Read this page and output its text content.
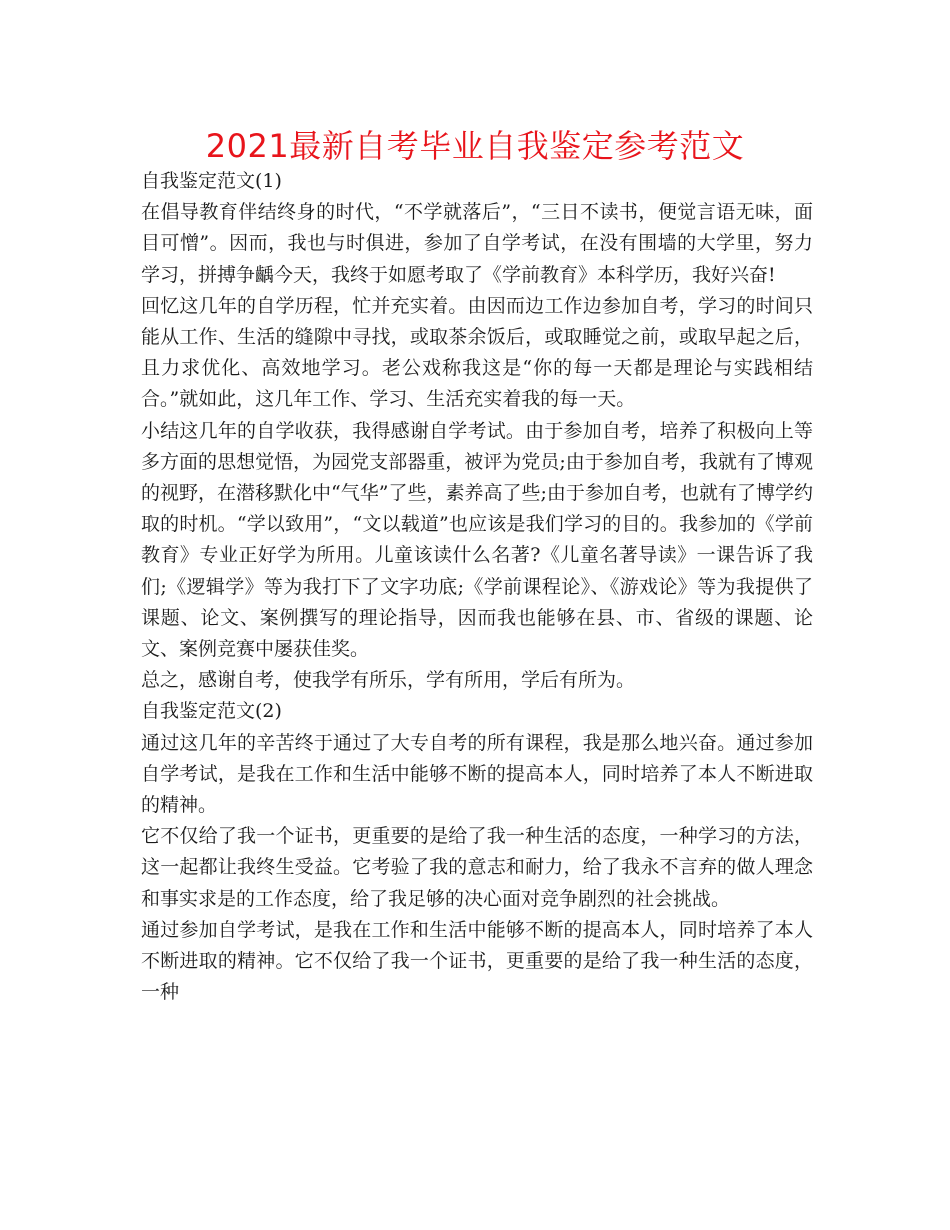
2021最新自考毕业自我鉴定参考范文

自我鉴定范文(1)

在倡导教育伴结终身的时代，“不学就落后”，“三日不读书，便觉言语无味，面目可憎”。因而，我也与时俱进，参加了自学考试，在没有围墙的大学里，努力学习，拼搏争齲今天，我终于如愿考取了《学前教育》本科学历，我好兴奋!

回忆这几年的自学历程，忙并充实着。由因而边工作边参加自考，学习的时间只能从工作、生活的缝隙中寻找，或取茶余饭后，或取睡觉之前，或取早起之后，且力求优化、高效地学习。老公戏称我这是“你的每一天都是理论与实践相结合。”就如此，这几年工作、学习、生活充实着我的每一天。

小结这几年的自学收获，我得感谢自学考试。由于参加自考，培养了积极向上等多方面的思想觉悟，为园党支部器重，被评为党员;由于参加自考，我就有了博观的视野，在潜移默化中“气华”了些，素养高了些;由于参加自考，也就有了博学约取的时机。“学以致用”，“文以载道”也应该是我们学习的目的。我参加的《学前教育》专业正好学为所用。儿童该读什么名著?《儿童名著导读》一课告诉了我们;《逻辑学》等为我打下了文字功底;《学前课程论》、《游戏论》等为我提供了课题、论文、案例撰写的理论指导，因而我也能够在县、市、省级的课题、论文、案例竞赛中屡获佳奖。

总之，感谢自考，使我学有所乐，学有所用，学后有所为。

自我鉴定范文(2)

通过这几年的辛苦终于通过了大专自考的所有课程，我是那么地兴奋。通过参加自学考试，是我在工作和生活中能够不断的提高本人，同时培养了本人不断进取的精神。

它不仅给了我一个证书，更重要的是给了我一种生活的态度，一种学习的方法，这一起都让我终生受益。它考验了我的意志和耐力，给了我永不言弃的做人理念和事实求是的工作态度，给了我足够的决心面对竞争剧烈的社会挑战。

通过参加自学考试，是我在工作和生活中能够不断的提高本人，同时培养了本人不断进取的精神。它不仅给了我一个证书，更重要的是给了我一种生活的态度，一种
